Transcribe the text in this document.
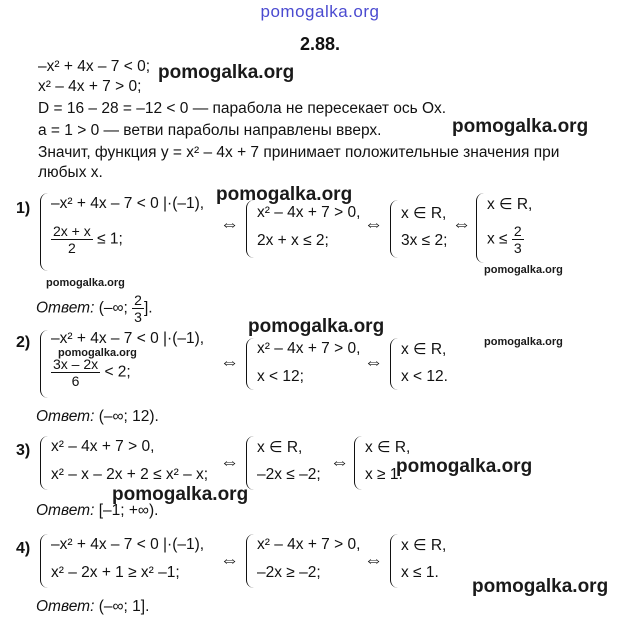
pomogalka.org
2.88.
–x² + 4x – 7 < 0;
x² – 4x + 7 > 0;
D = 16 – 28 = –12 < 0 — парабола не пересекает ось Ox.
a = 1 > 0 — ветви параболы направлены вверх.
Значит, функция y = x² – 4x + 7 принимает положительные значения при
любых x.
1) –x² + 4x – 7 < 0 |·(–1),
$\frac{2x + x}{2} \le 1$;
⇔
x² – 4x + 7 > 0,
2x + x ≤ 2;
⇔
x ∈ R,
3x ≤ 2;
⇔
x ∈ R,
$x \le \frac{2}{3}$
Ответ: (–∞; $\frac{2}{3}$ ].
2) –x² + 4x – 7 < 0 |·(–1),
$\frac{3x - 2x}{6} < 2$;	⇔
x² – 4x + 7 > 0,
x < 12;
⇔
x ∈ R,
x < 12.
Ответ: (–∞; 12).
3) x² – 4x + 7 > 0,
x² – x – 2x + 2 ≤ x² – x;
⇔
x ∈ R,
–2x ≤ –2;
⇔
x ∈ R,
x ≥ 1.
Ответ: [–1; +∞).
4) –x² + 4x – 7 < 0 |·(–1),
x² – 2x + 1 ≥ x² –1;
⇔
x² – 4x + 7 > 0,
–2x ≥ –2;
⇔
x ∈ R,
x ≤ 1.
Ответ: (–∞; 1].
pomogalka.org
pomogalka.org
pomogalka.org
pomogalka.org
pomogalka.org
pomogalka.org
pomogalka.org
pomogalka.org
pomogalka.org
pomogalka.org
pomogalka.org
